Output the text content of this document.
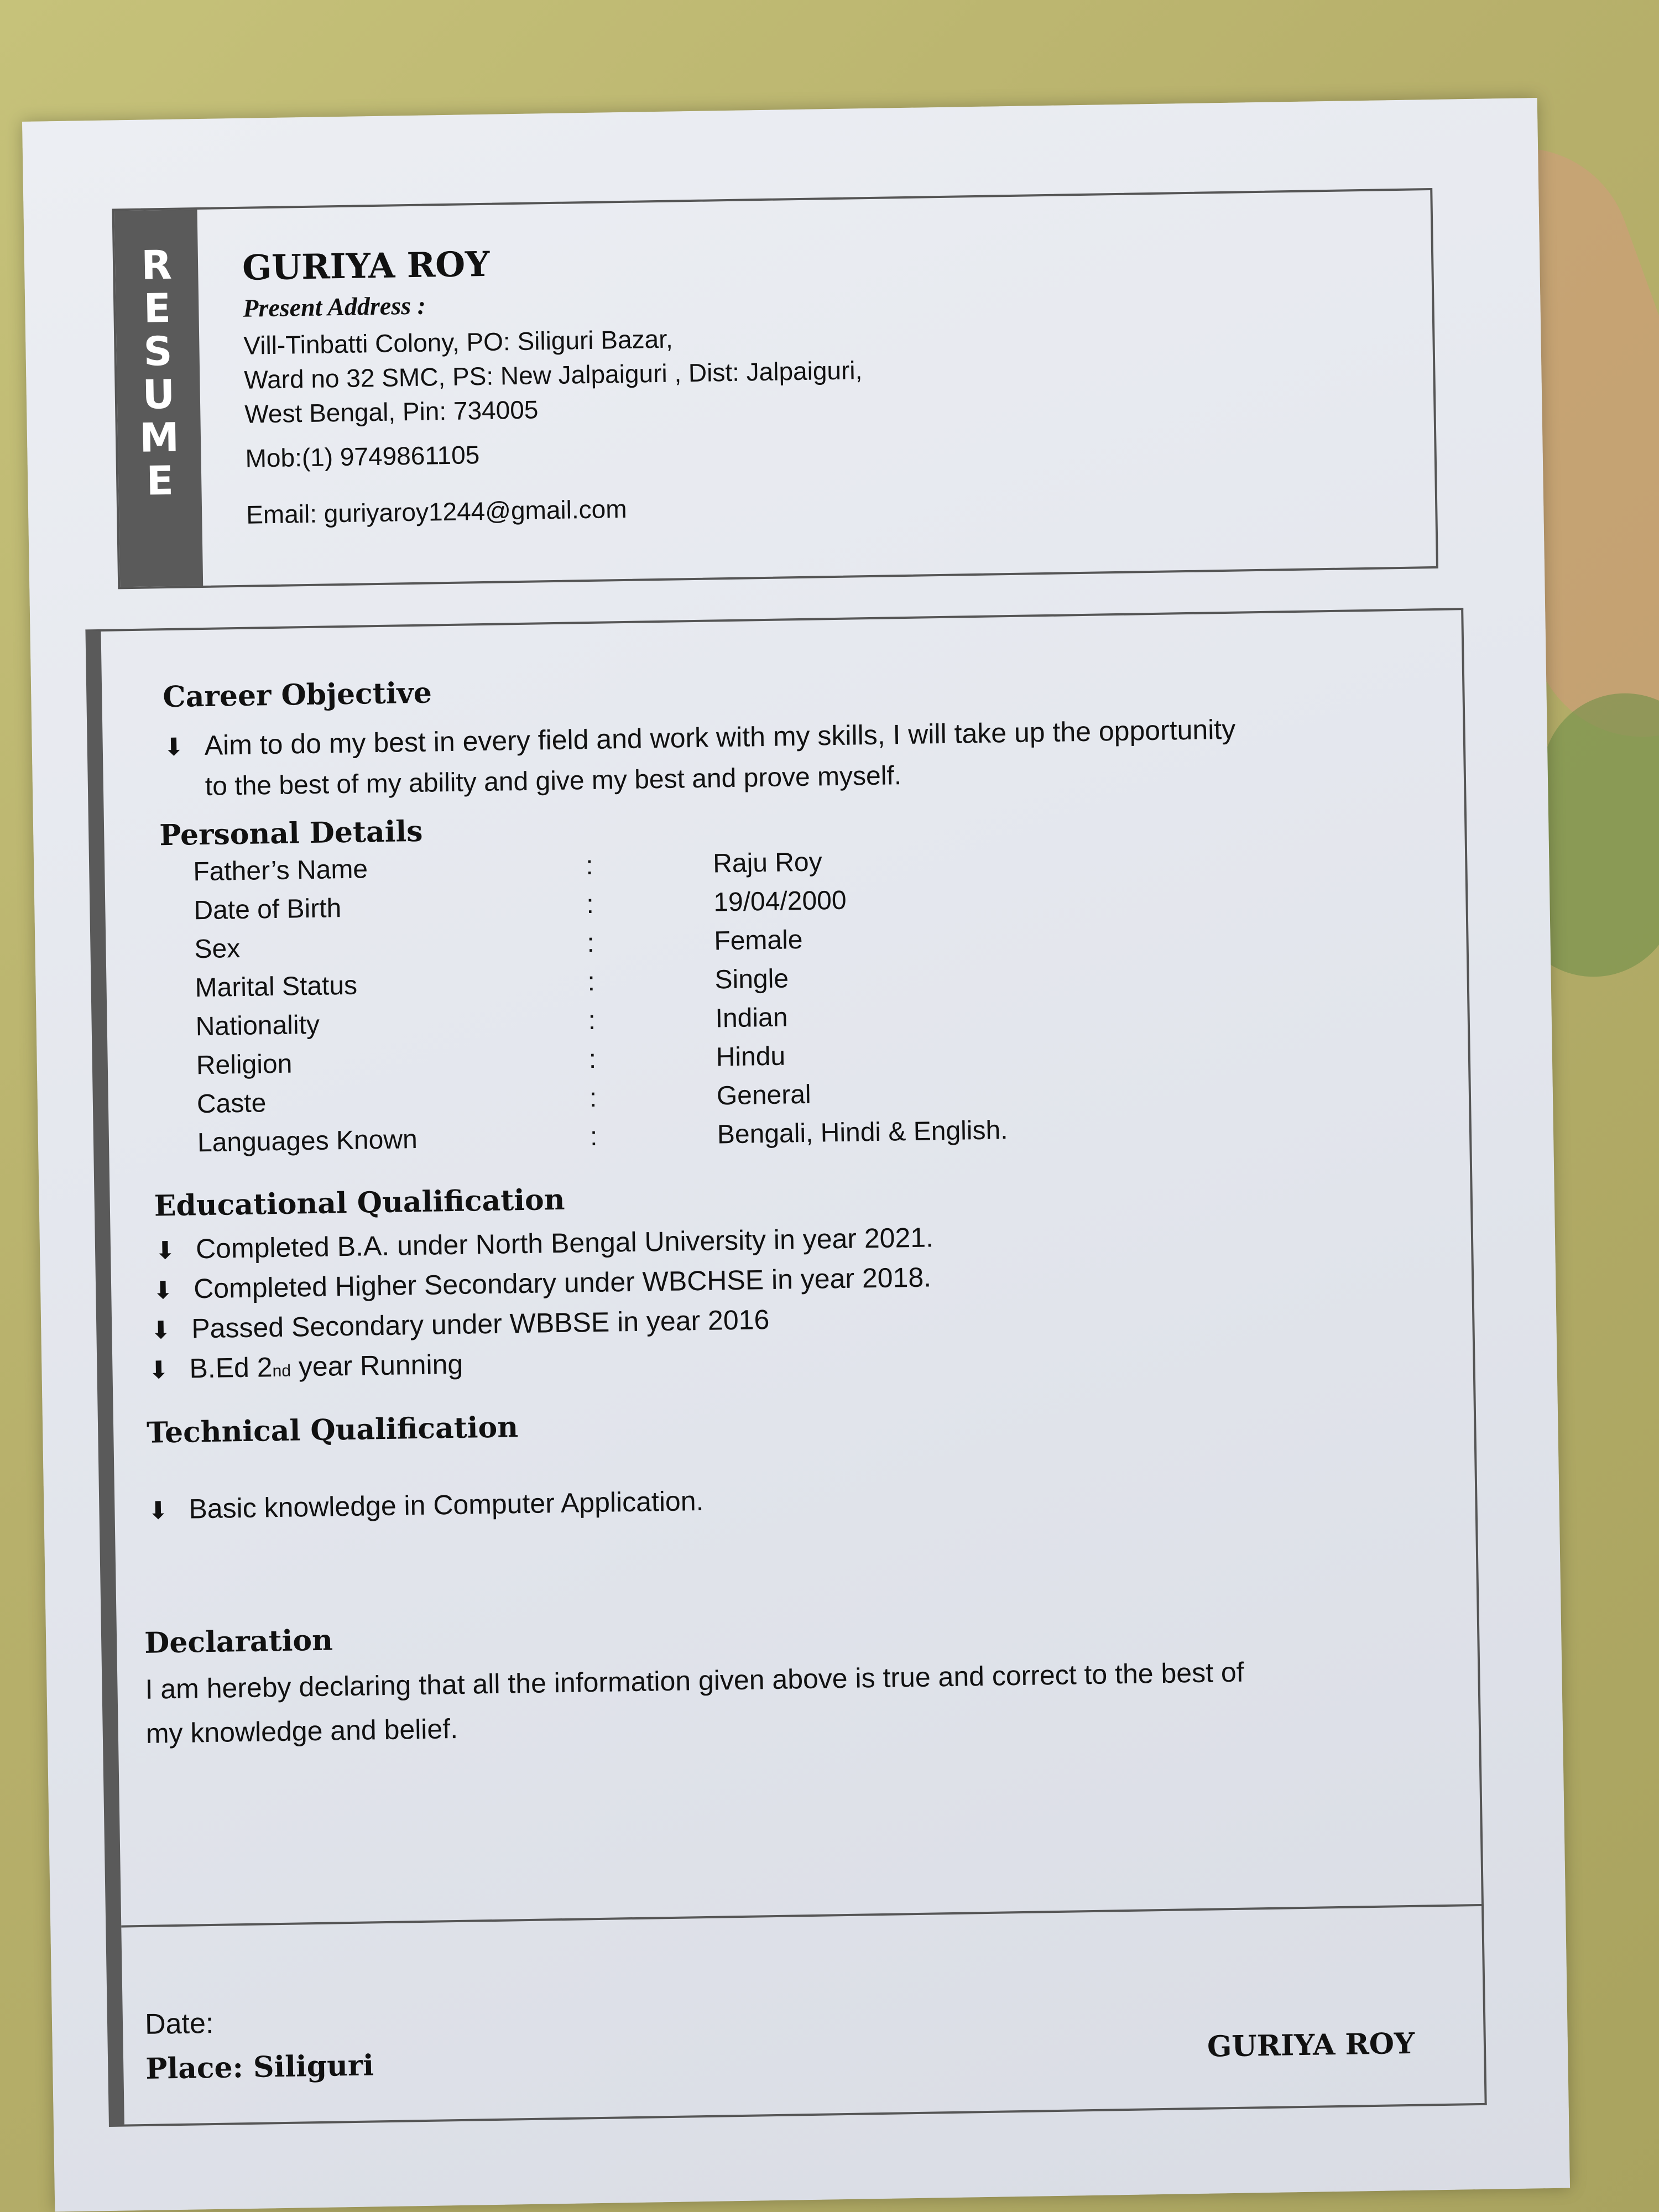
R
E
S
U
M
E

GURIYA ROY

Present Address :

Vill-Tinbatti Colony, PO: Siliguri Bazar,

Ward no 32 SMC, PS: New Jalpaiguri , Dist: Jalpaiguri,

West Bengal, Pin: 734005

Mob:(1) 9749861105

Email: guriyaroy1244@gmail.com

Career Objective

⬇ Aim to do my best in every field and work with my skills, I will take up the opportunity

to the best of my ability and give my best and prove myself.

Personal Details

Father’s Name	:	Raju Roy
Date of Birth	:	19/04/2000
Sex	:	Female
Marital Status	:	Single
Nationality	:	Indian
Religion	:	Hindu
Caste	:	General
Languages Known	:	Bengali, Hindi & English.

Educational Qualification

⬇ Completed B.A. under North Bengal University in year 2021.
⬇ Completed Higher Secondary under WBCHSE in year 2018.
⬇ Passed Secondary under WBBSE in year 2016
⬇ B.Ed 2 nd year Running

Technical Qualification

⬇ Basic knowledge in Computer Application.

Declaration

I am hereby declaring that all the information given above is true and correct to the best of

my knowledge and belief.

Date:

Place: Siliguri

GURIYA ROY
